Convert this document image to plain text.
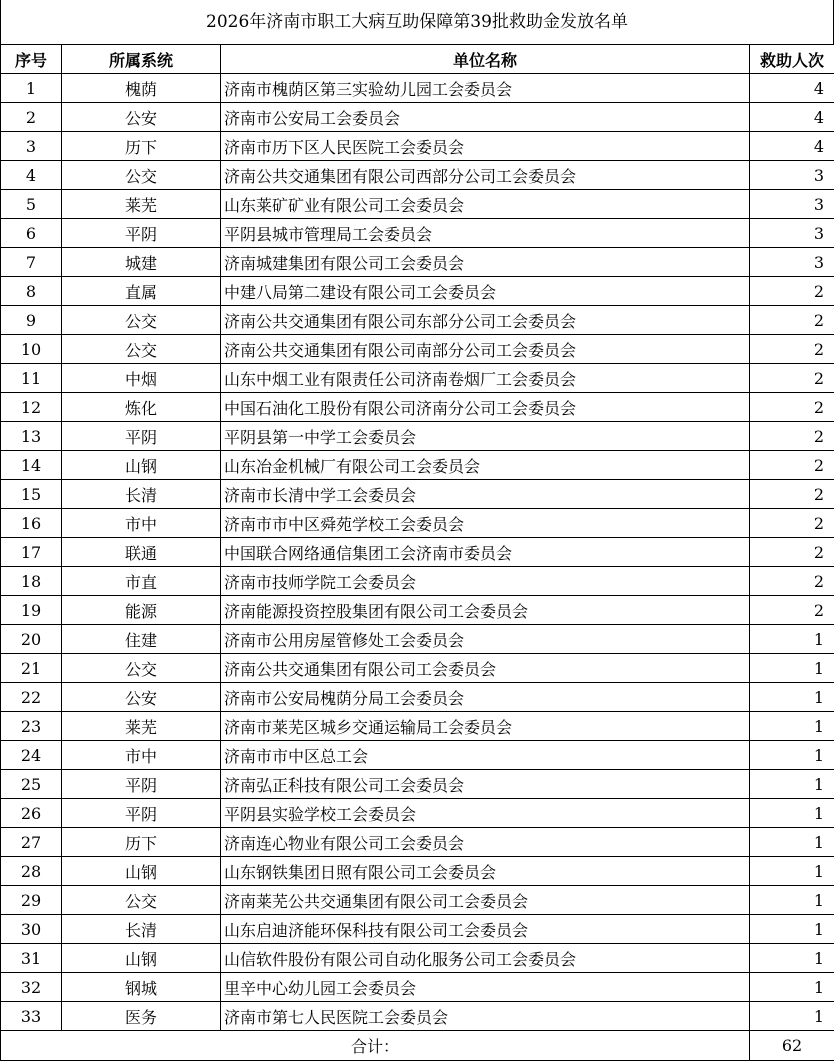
2026年济南市职工大病互助保障第39批救助金发放名单
序号	所属系统	单位名称	救助人次
1	槐荫	济南市槐荫区第三实验幼儿园工会委员会	4
2	公安	济南市公安局工会委员会	4
3	历下	济南市历下区人民医院工会委员会	4
4	公交	济南公共交通集团有限公司西部分公司工会委员会	3
5	莱芜	山东莱矿矿业有限公司工会委员会	3
6	平阴	平阴县城市管理局工会委员会	3
7	城建	济南城建集团有限公司工会委员会	3
8	直属	中建八局第二建设有限公司工会委员会	2
9	公交	济南公共交通集团有限公司东部分公司工会委员会	2
10	公交	济南公共交通集团有限公司南部分公司工会委员会	2
11	中烟	山东中烟工业有限责任公司济南卷烟厂工会委员会	2
12	炼化	中国石油化工股份有限公司济南分公司工会委员会	2
13	平阴	平阴县第一中学工会委员会	2
14	山钢	山东冶金机械厂有限公司工会委员会	2
15	长清	济南市长清中学工会委员会	2
16	市中	济南市市中区舜苑学校工会委员会	2
17	联通	中国联合网络通信集团工会济南市委员会	2
18	市直	济南市技师学院工会委员会	2
19	能源	济南能源投资控股集团有限公司工会委员会	2
20	住建	济南市公用房屋管修处工会委员会	1
21	公交	济南公共交通集团有限公司工会委员会	1
22	公安	济南市公安局槐荫分局工会委员会	1
23	莱芜	济南市莱芜区城乡交通运输局工会委员会	1
24	市中	济南市市中区总工会	1
25	平阴	济南弘正科技有限公司工会委员会	1
26	平阴	平阴县实验学校工会委员会	1
27	历下	济南连心物业有限公司工会委员会	1
28	山钢	山东钢铁集团日照有限公司工会委员会	1
29	公交	济南莱芜公共交通集团有限公司工会委员会	1
30	长清	山东启迪济能环保科技有限公司工会委员会	1
31	山钢	山信软件股份有限公司自动化服务公司工会委员会	1
32	钢城	里辛中心幼儿园工会委员会	1
33	医务	济南市第七人民医院工会委员会	1
合计：			62
